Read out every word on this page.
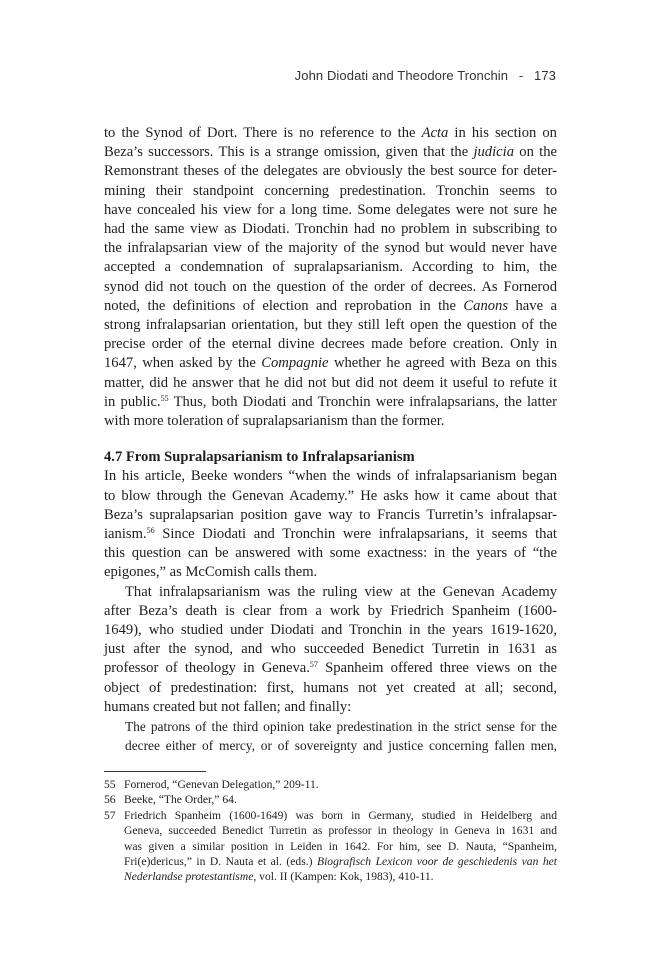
John Diodati and Theodore Tronchin - 173
to the Synod of Dort. There is no reference to the Acta in his section on
Beza’s successors. This is a strange omission, given that the judicia on the
Remonstrant theses of the delegates are obviously the best source for deter-
mining their standpoint concerning predestination. Tronchin seems to
have concealed his view for a long time. Some delegates were not sure he
had the same view as Diodati. Tronchin had no problem in subscribing to
the infralapsarian view of the majority of the synod but would never have
accepted a condemnation of supralapsarianism. According to him, the
synod did not touch on the question of the order of decrees. As Fornerod
noted, the definitions of election and reprobation in the Canons have a
strong infralapsarian orientation, but they still left open the question of the
precise order of the eternal divine decrees made before creation. Only in
1647, when asked by the Compagnie whether he agreed with Beza on this
matter, did he answer that he did not but did not deem it useful to refute it
in public.$^{55}$ Thus, both Diodati and Tronchin were infralapsarians, the latter
with more toleration of supralapsarianism than the former.
4.7 From Supralapsarianism to Infralapsarianism
In his article, Beeke wonders “when the winds of infralapsarianism began
to blow through the Genevan Academy.” He asks how it came about that
Beza’s supralapsarian position gave way to Francis Turretin’s infralapsar-
ianism.$^{56}$ Since Diodati and Tronchin were infralapsarians, it seems that
this question can be answered with some exactness: in the years of “the
epigones,” as McComish calls them.
That infralapsarianism was the ruling view at the Genevan Academy
after Beza’s death is clear from a work by Friedrich Spanheim (1600-
1649), who studied under Diodati and Tronchin in the years 1619-1620,
just after the synod, and who succeeded Benedict Turretin in 1631 as
professor of theology in Geneva.$^{57}$ Spanheim offered three views on the
object of predestination: first, humans not yet created at all; second,
humans created but not fallen; and finally:
The patrons of the third opinion take predestination in the strict sense for the
decree either of mercy, or of sovereignty and justice concerning fallen men,
55 Fornerod, “Genevan Delegation,” 209-11.
56 Beeke, “The Order,” 64.
57 Friedrich Spanheim (1600-1649) was born in Germany, studied in Heidelberg and
Geneva, succeeded Benedict Turretin as professor in theology in Geneva in 1631 and
was given a similar position in Leiden in 1642. For him, see D. Nauta, “Spanheim,
Fri(e)dericus,” in D. Nauta et al. (eds.) Biografisch Lexicon voor de geschiedenis van het
Nederlandse protestantisme, vol. II (Kampen: Kok, 1983), 410-11.
